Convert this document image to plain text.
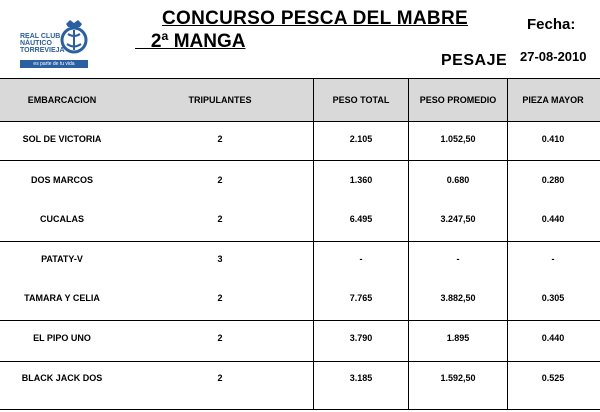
REAL CLUB
NÁUTICO
TORREVIEJA
es parte de tu vida
CONCURSO PESCA DEL MABRE
2ª MANGA
Fecha:
PESAJE 27-08-2010
EMBARCACION	TRIPULANTES	PESO TOTAL	PESO PROMEDIO	PIEZA MAYOR
SOL DE VICTORIA	2	2.105	1.052,50	0.410
DOS MARCOS	2	1.360	0.680	0.280
CUCALAS	2	6.495	3.247,50	0.440
PATATY-V	3	-	-	-
TAMARA Y CELIA	2	7.765	3.882,50	0.305
EL PIPO UNO	2	3.790	1.895	0.440
BLACK JACK DOS	2	3.185	1.592,50	0.525
